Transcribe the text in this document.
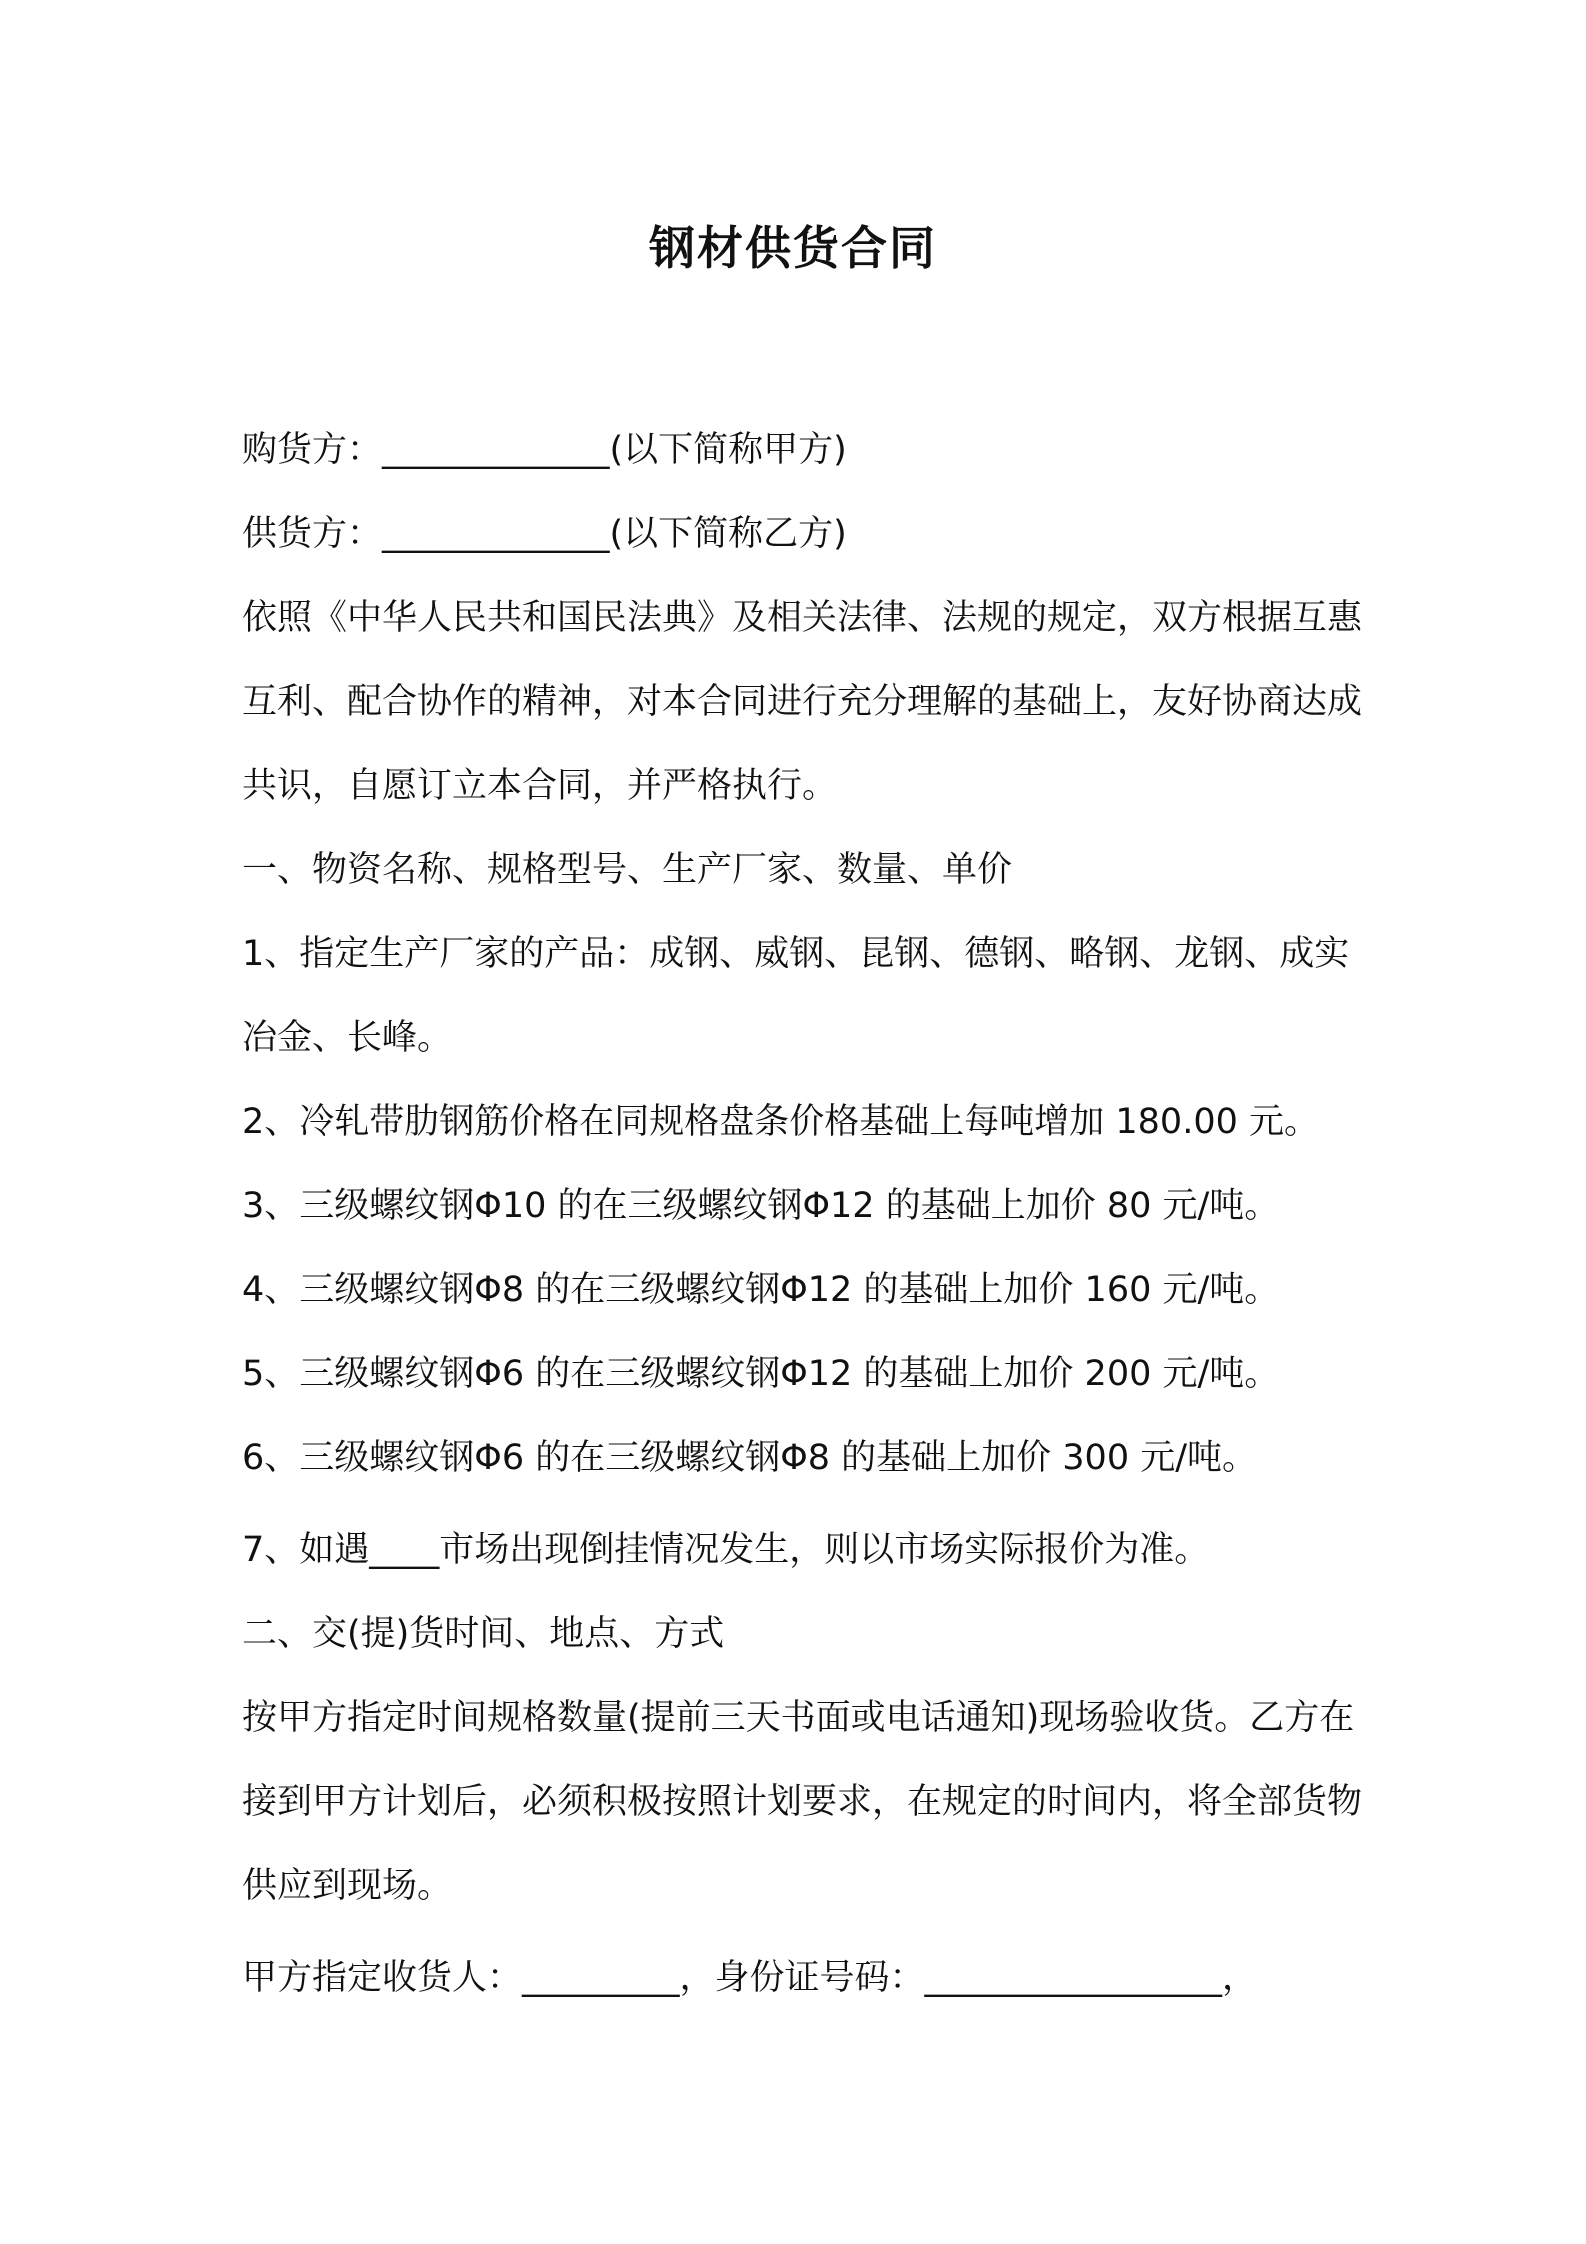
钢材供货合同

购货方：_____________(以下简称甲方)

供货方：_____________(以下简称乙方)

依照《中华人民共和国民法典》及相关法律、法规的规定，双方根据互惠互利、配合协作的精神，对本合同进行充分理解的基础上，友好协商达成共识，自愿订立本合同，并严格执行。

一、物资名称、规格型号、生产厂家、数量、单价

1、指定生产厂家的产品：成钢、威钢、昆钢、德钢、略钢、龙钢、成实冶金、长峰。

2、冷轧带肋钢筋价格在同规格盘条价格基础上每吨增加 180.00 元。

3、三级螺纹钢Φ10 的在三级螺纹钢Φ12 的基础上加价 80 元/吨。

4、三级螺纹钢Φ8 的在三级螺纹钢Φ12 的基础上加价 160 元/吨。

5、三级螺纹钢Φ6 的在三级螺纹钢Φ12 的基础上加价 200 元/吨。

6、三级螺纹钢Φ6 的在三级螺纹钢Φ8 的基础上加价 300 元/吨。

7、如遇____市场出现倒挂情况发生，则以市场实际报价为准。

二、交(提)货时间、地点、方式

按甲方指定时间规格数量(提前三天书面或电话通知)现场验收货。乙方在接到甲方计划后，必须积极按照计划要求，在规定的时间内，将全部货物供应到现场。

甲方指定收货人：_________，身份证号码：_________________，
